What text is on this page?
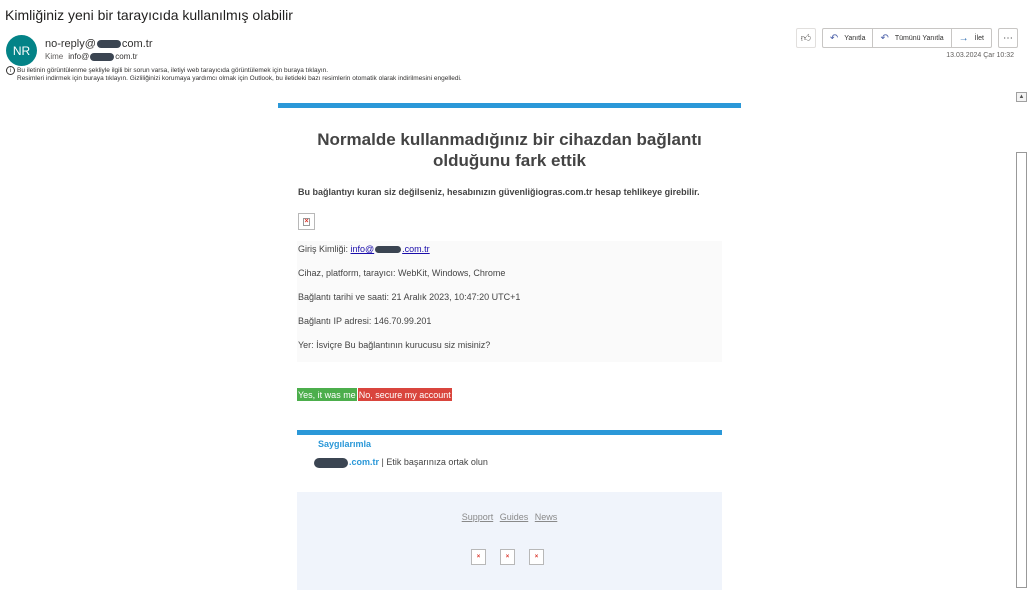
Kimliğiniz yeni bir tarayıcıda kullanılmış olabilir
NR	no-reply@ com.tr
Kime info@	com.tr
i Bu iletinin görüntülenme şekliyle ilgili bir sorun varsa, iletiyi web tarayıcıda görüntülemek için buraya tıklayın.
Resimleri indirmek için buraya tıklayın. Gizliliğinizi korumaya yardımcı olmak için Outlook, bu iletideki bazı resimlerin otomatik olarak indirilmesini engelledi.
👍︎ ↶ Yanıtla ↶ Tümünü Yanıtla → İlet	⋯
13.03.2024 Çar 10:32
▲
Normalde kullanmadığınız bir cihazdan bağlantı olduğunu fark ettik
Bu bağlantıyı kuran siz değilseniz, hesabınızın güvenliğiogras.com.tr hesap tehlikeye girebilir.
×
Giriş Kimliği: info@	.com.tr
Cihaz, platform, tarayıcı: WebKit, Windows, Chrome
Bağlantı tarihi ve saati: 21 Aralık 2023, 10:47:20 UTC+1
Bağlantı IP adresi: 146.70.99.201
Yer: İsviçre Bu bağlantının kurucusu siz misiniz?
Yes, it was me No, secure my account
Saygılarımla
.com.tr | Etik başarınıza ortak olun
Support Guides News
×	×	×
